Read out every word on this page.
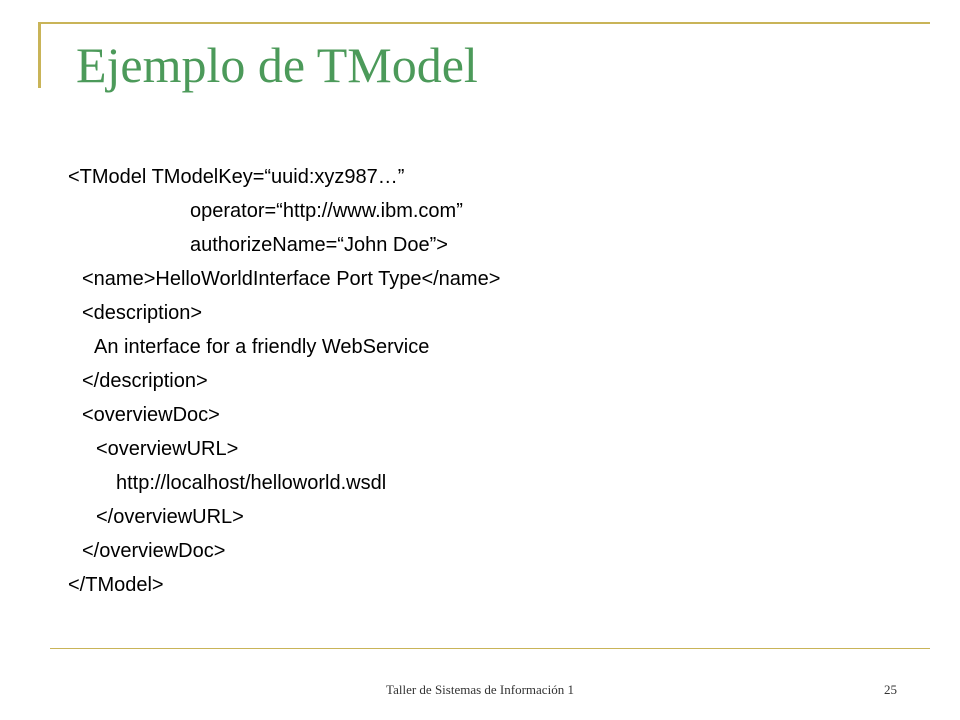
Ejemplo de TModel
<TModel TModelKey=“uuid:xyz987…”
operator=“http://www.ibm.com”
authorizeName=“John Doe”>
<name>HelloWorldInterface Port Type</name>
<description>
An interface for a friendly WebService
</description>
<overviewDoc>
<overviewURL>
http://localhost/helloworld.wsdl
</overviewURL>
</overviewDoc>
</TModel>
Taller de Sistemas de Información 1	25
